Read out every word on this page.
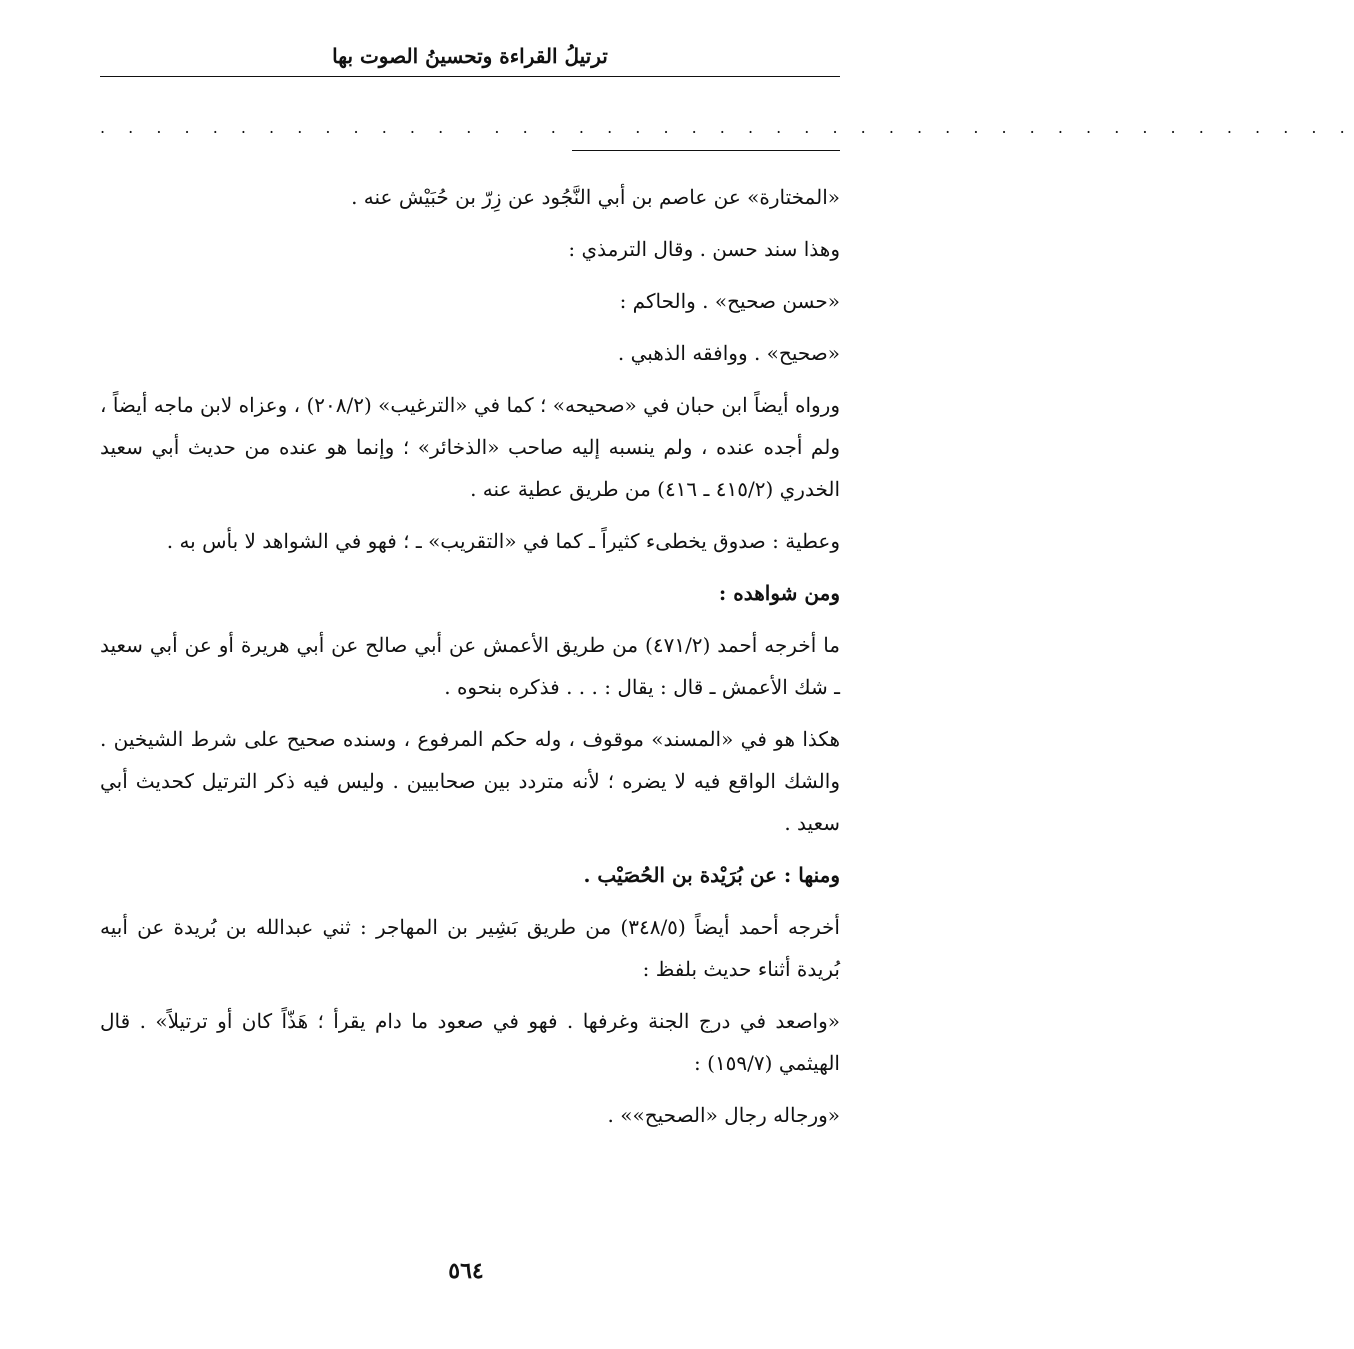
ترتيلُ القراءة وتحسينُ الصوت بها
. . . . . . . . . . . . . . . . . . . . . . . . . . . . . . . . . . . . . . . . . . . . .

«المختارة» عن عاصم بن أبي النَّجُود عن زِرّ بن حُبَيْش عنه .

وهذا سند حسن . وقال الترمذي :

«حسن صحيح» . والحاكم :

«صحيح» . ووافقه الذهبي .

ورواه أيضاً ابن حبان في «صحيحه» ؛ كما في «الترغيب» (٢٠٨/٢) ، وعزاه لابن ماجه أيضاً ، ولم أجده عنده ، ولم ينسبه إليه صاحب «الذخائر» ؛ وإنما هو عنده من حديث أبي سعيد الخدري (٤١٥/٢ ـ ٤١٦) من طريق عطية عنه .

وعطية : صدوق يخطىء كثيراً ـ كما في «التقريب» ـ ؛ فهو في الشواهد لا بأس به .

ومن شواهده :

ما أخرجه أحمد (٤٧١/٢) من طريق الأعمش عن أبي صالح عن أبي هريرة أو عن أبي سعيد ـ شك الأعمش ـ قال : يقال : . . . فذكره بنحوه .

هكذا هو في «المسند» موقوف ، وله حكم المرفوع ، وسنده صحيح على شرط الشيخين . والشك الواقع فيه لا يضره ؛ لأنه متردد بين صحابيين . وليس فيه ذكر الترتيل كحديث أبي سعيد .

ومنها : عن بُرَيْدة بن الحُصَيْب .

أخرجه أحمد أيضاً (٣٤٨/٥) من طريق بَشِير بن المهاجر : ثني عبدالله بن بُريدة عن أبيه بُريدة أثناء حديث بلفظ :

«واصعد في درج الجنة وغرفها . فهو في صعود ما دام يقرأ ؛ هَذّاً كان أو ترتيلاً» . قال الهيثمي (١٥٩/٧) :

«ورجاله رجال «الصحيح»» .

٥٦٤
